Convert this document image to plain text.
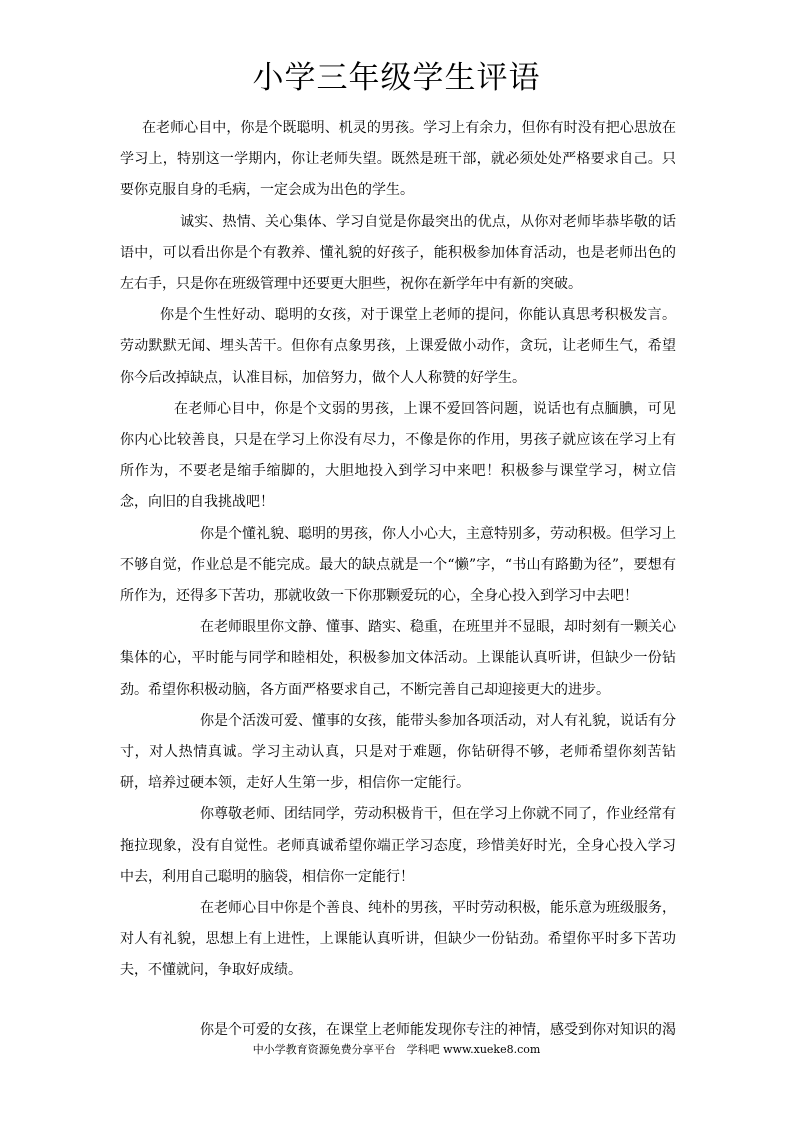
小学三年级学生评语

在老师心目中，你是个既聪明、机灵的男孩。学习上有余力，但你有时没有把心思放在学习上，特别这一学期内，你让老师失望。既然是班干部，就必须处处严格要求自己。只要你克服自身的毛病，一定会成为出色的学生。

诚实、热情、关心集体、学习自觉是你最突出的优点，从你对老师毕恭毕敬的话语中，可以看出你是个有教养、懂礼貌的好孩子，能积极参加体育活动，也是老师出色的左右手，只是你在班级管理中还要更大胆些，祝你在新学年中有新的突破。

你是个生性好动、聪明的女孩，对于课堂上老师的提问，你能认真思考积极发言。劳动默默无闻、埋头苦干。但你有点象男孩，上课爱做小动作，贪玩，让老师生气，希望你今后改掉缺点，认准目标，加倍努力，做个人人称赞的好学生。

在老师心目中，你是个文弱的男孩，上课不爱回答问题，说话也有点腼腆，可见你内心比较善良，只是在学习上你没有尽力，不像是你的作用，男孩子就应该在学习上有所作为，不要老是缩手缩脚的，大胆地投入到学习中来吧！积极参与课堂学习，树立信念，向旧的自我挑战吧！

你是个懂礼貌、聪明的男孩，你人小心大，主意特别多，劳动积极。但学习上不够自觉，作业总是不能完成。最大的缺点就是一个“懒”字，“书山有路勤为径”，要想有所作为，还得多下苦功，那就收敛一下你那颗爱玩的心，全身心投入到学习中去吧！

在老师眼里你文静、懂事、踏实、稳重，在班里并不显眼，却时刻有一颗关心集体的心，平时能与同学和睦相处，积极参加文体活动。上课能认真听讲，但缺少一份钻劲。希望你积极动脑，各方面严格要求自己，不断完善自己却迎接更大的进步。

你是个活泼可爱、懂事的女孩，能带头参加各项活动，对人有礼貌，说话有分寸，对人热情真诚。学习主动认真，只是对于难题，你钻研得不够，老师希望你刻苦钻研，培养过硬本领，走好人生第一步，相信你一定能行。

你尊敬老师、团结同学，劳动积极肯干，但在学习上你就不同了，作业经常有拖拉现象，没有自觉性。老师真诚希望你端正学习态度，珍惜美好时光，全身心投入学习中去，利用自己聪明的脑袋，相信你一定能行！

在老师心目中你是个善良、纯朴的男孩，平时劳动积极，能乐意为班级服务，对人有礼貌，思想上有上进性，上课能认真听讲，但缺少一份钻劲。希望你平时多下苦功夫，不懂就问，争取好成绩。

你是个可爱的女孩，在课堂上老师能发现你专注的神情，感受到你对知识的渴

中小学教育资源免费分享平台　学科吧 www.xueke8.com
